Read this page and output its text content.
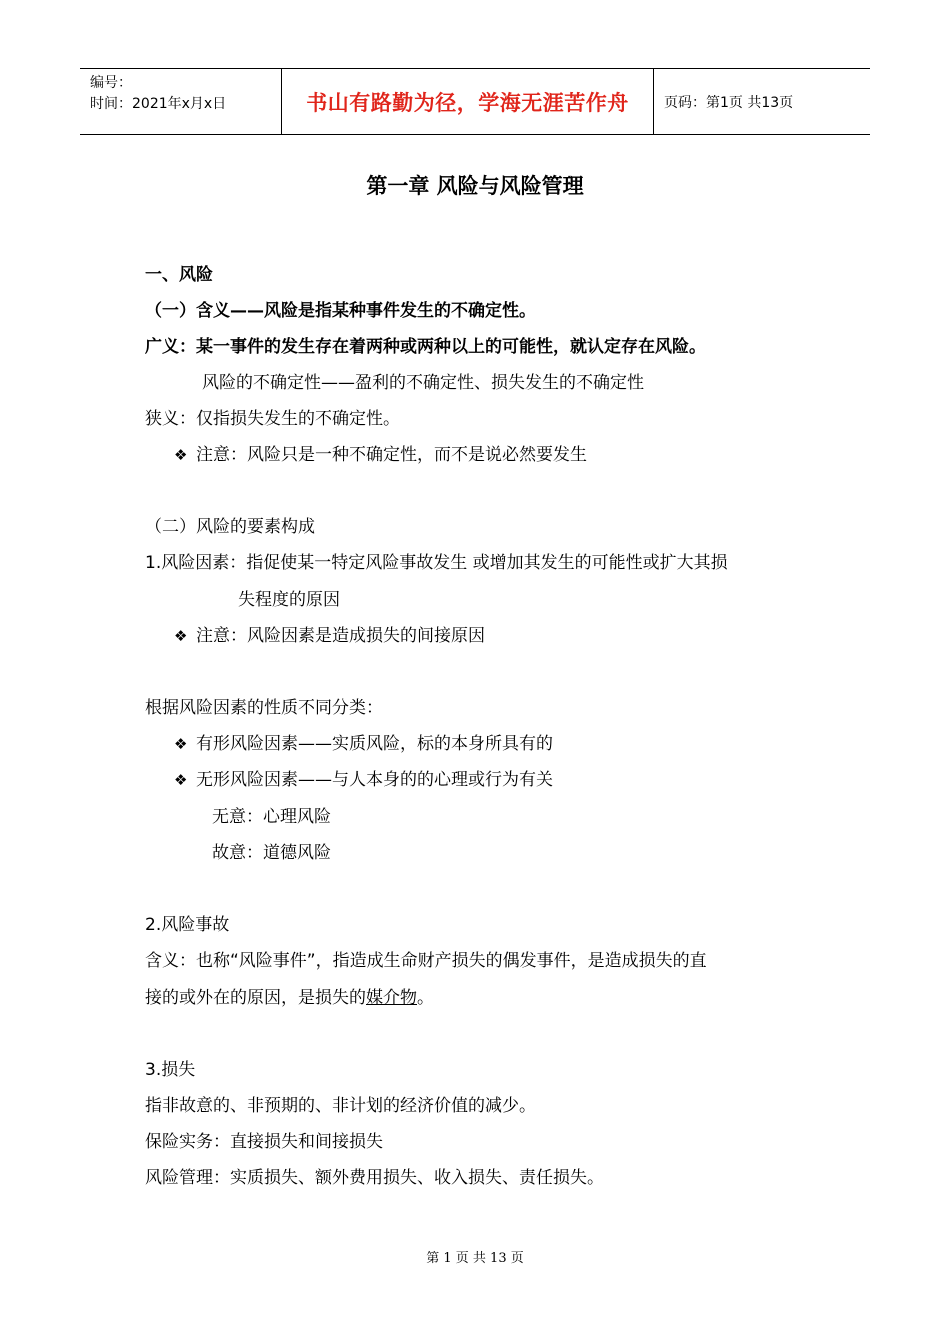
编号：
时间：2021年x月x日	书山有路勤为径，学海无涯苦作舟	页码：第1页 共13页
第一章 风险与风险管理
一、风险
（一）含义——风险是指某种事件发生的不确定性。
广义：某一事件的发生存在着两种或两种以上的可能性，就认定存在风险。
风险的不确定性——盈利的不确定性、损失发生的不确定性
狭义：仅指损失发生的不确定性。
❖ 注意：风险只是一种不确定性，而不是说必然要发生
（二）风险的要素构成
1.风险因素：指促使某一特定风险事故发生 或增加其发生的可能性或扩大其损
失程度的原因
❖ 注意：风险因素是造成损失的间接原因
根据风险因素的性质不同分类：
❖ 有形风险因素——实质风险，标的本身所具有的
❖ 无形风险因素——与人本身的的心理或行为有关
无意：心理风险
故意：道德风险
2.风险事故
含义：也称“风险事件”，指造成生命财产损失的偶发事件，是造成损失的直
接的或外在的原因，是损失的媒介物。
3.损失
指非故意的、非预期的、非计划的经济价值的减少。
保险实务：直接损失和间接损失
风险管理：实质损失、额外费用损失、收入损失、责任损失。
第 1 页 共 13 页
